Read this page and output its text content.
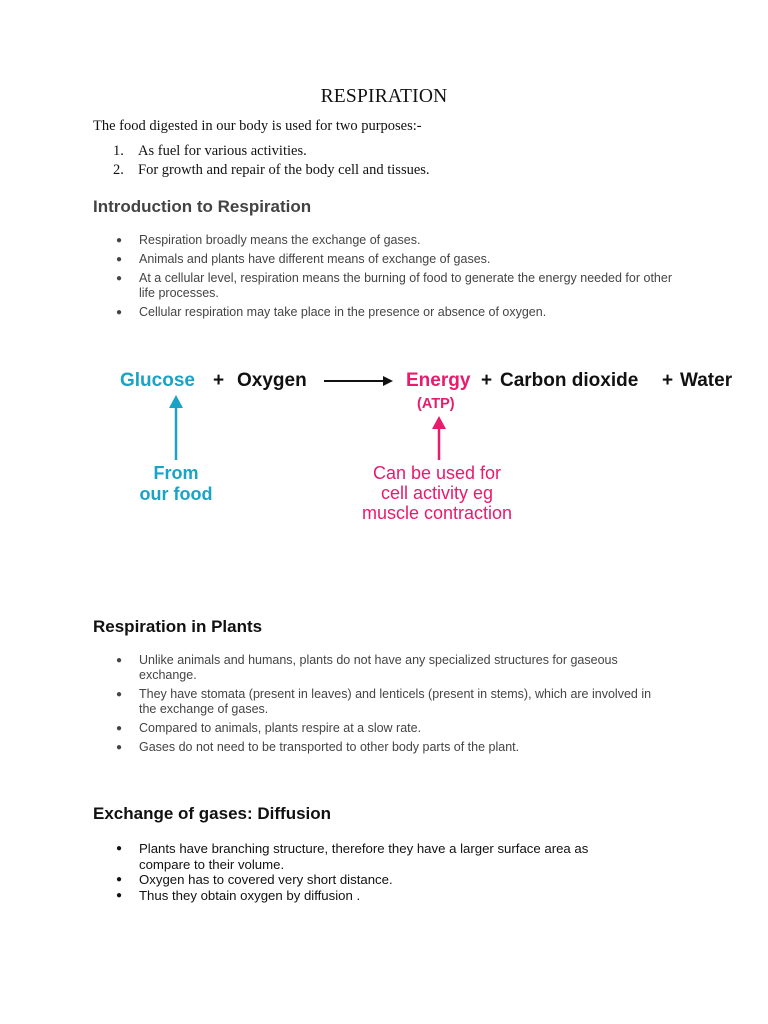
RESPIRATION
The food digested in our body is used for two purposes:-
1. As fuel for various activities.
2. For growth and repair of the body cell and tissues.
Introduction to Respiration
● Respiration broadly means the exchange of gases.
● Animals and plants have different means of exchange of gases.
● At a cellular level, respiration means the burning of food to generate the energy needed for other life processes.
● Cellular respiration may take place in the presence or absence of oxygen.
Glucose + Oxygen	Energy + Carbon dioxide + Water
(ATP)
From
our food
Can be used for
cell activity eg
muscle contraction
Respiration in Plants
● Unlike animals and humans, plants do not have any specialized structures for gaseous exchange.
● They have stomata (present in leaves) and lenticels (present in stems), which are involved in the exchange of gases.
● Compared to animals, plants respire at a slow rate.
● Gases do not need to be transported to other body parts of the plant.
Exchange of gases: Diffusion
● Plants have branching structure, therefore they have a larger surface area as compare to their volume.
● Oxygen has to covered very short distance.
● Thus they obtain oxygen by diffusion .
